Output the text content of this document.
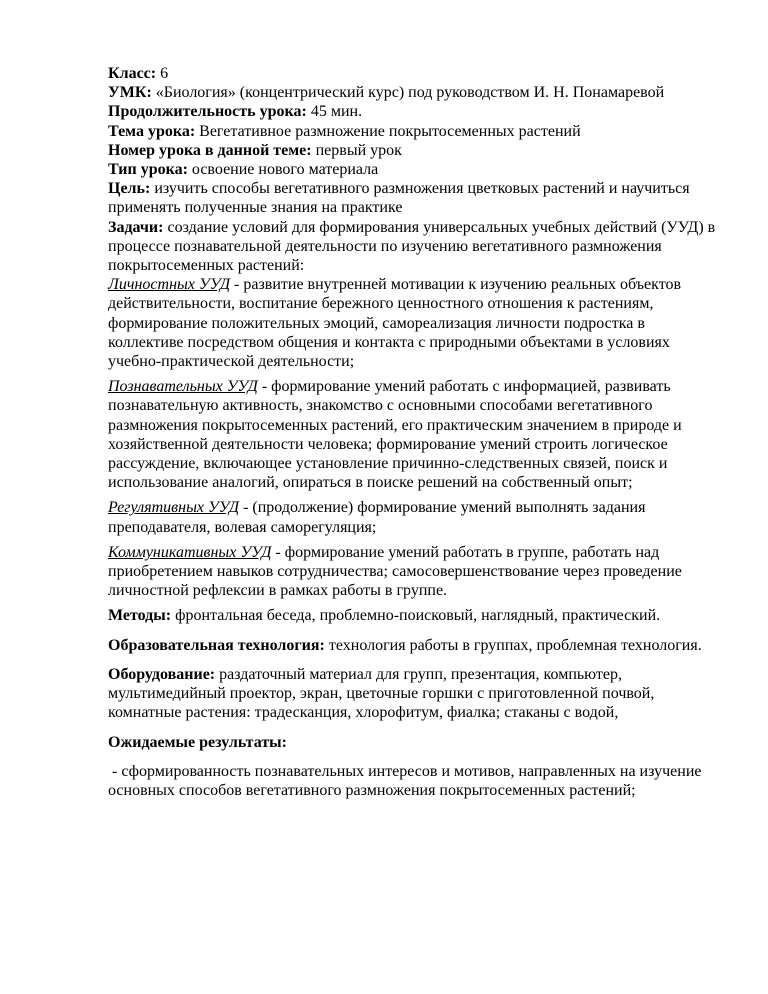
Класс: 6

УМК: «Биология» (концентрический курс) под руководством И. Н. Понамаревой

Продолжительность урока: 45 мин.

Тема урока: Вегетативное размножение покрытосеменных растений

Номер урока в данной теме: первый урок

Тип урока: освоение нового материала

Цель: изучить способы вегетативного размножения цветковых растений и научиться применять полученные знания на практике

Задачи: создание условий для формирования универсальных учебных действий (УУД) в процессе познавательной деятельности по изучению вегетативного размножения покрытосеменных растений:

Личностных УУД - развитие внутренней мотивации к изучению реальных объектов действительности, воспитание бережного ценностного отношения к растениям, формирование положительных эмоций, самореализация личности подростка в коллективе посредством общения и контакта с природными объектами в условиях учебно-практической деятельности;

Познавательных УУД - формирование умений работать с информацией, развивать познавательную активность, знакомство с основными способами вегетативного размножения покрытосеменных растений, его практическим значением в природе и хозяйственной деятельности человека; формирование умений строить логическое рассуждение, включающее установление причинно-следственных связей, поиск и использование аналогий, опираться в поиске решений на собственный опыт;

Регулятивных УУД - (продолжение) формирование умений выполнять задания преподавателя, волевая саморегуляция;

Коммуникативных УУД - формирование умений работать в группе, работать над приобретением навыков сотрудничества; самосовершенствование через проведение личностной рефлексии в рамках работы в группе.

Методы: фронтальная беседа, проблемно-поисковый, наглядный, практический.

Образовательная технология: технология работы в группах, проблемная технология.

Оборудование: раздаточный материал для групп, презентация, компьютер, мультимедийный проектор, экран, цветочные горшки с приготовленной почвой, комнатные растения: традесканция, хлорофитум, фиалка; стаканы с водой,

Ожидаемые результаты:

- сформированность познавательных интересов и мотивов, направленных на изучение основных способов вегетативного размножения покрытосеменных растений;
